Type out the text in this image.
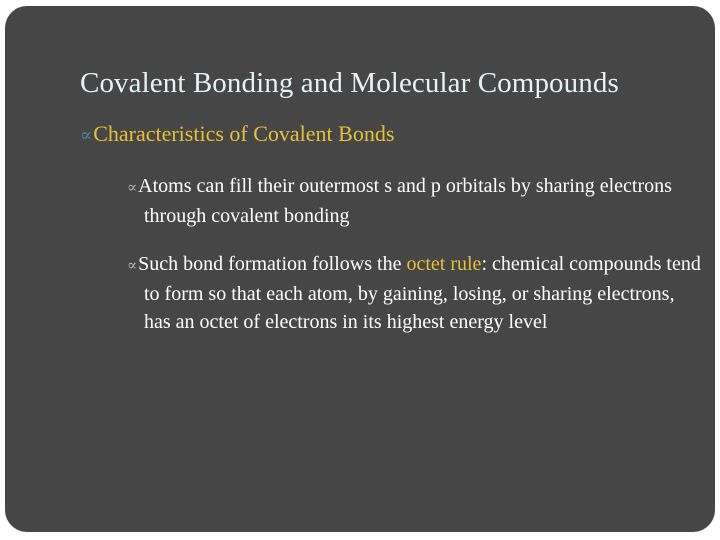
Covalent Bonding and Molecular Compounds
∝Characteristics of Covalent Bonds
∝Atoms can fill their outermost s and p orbitals by sharing electrons through covalent bonding
∝Such bond formation follows the octet rule: chemical compounds tend to form so that each atom, by gaining, losing, or sharing electrons, has an octet of electrons in its highest energy level
